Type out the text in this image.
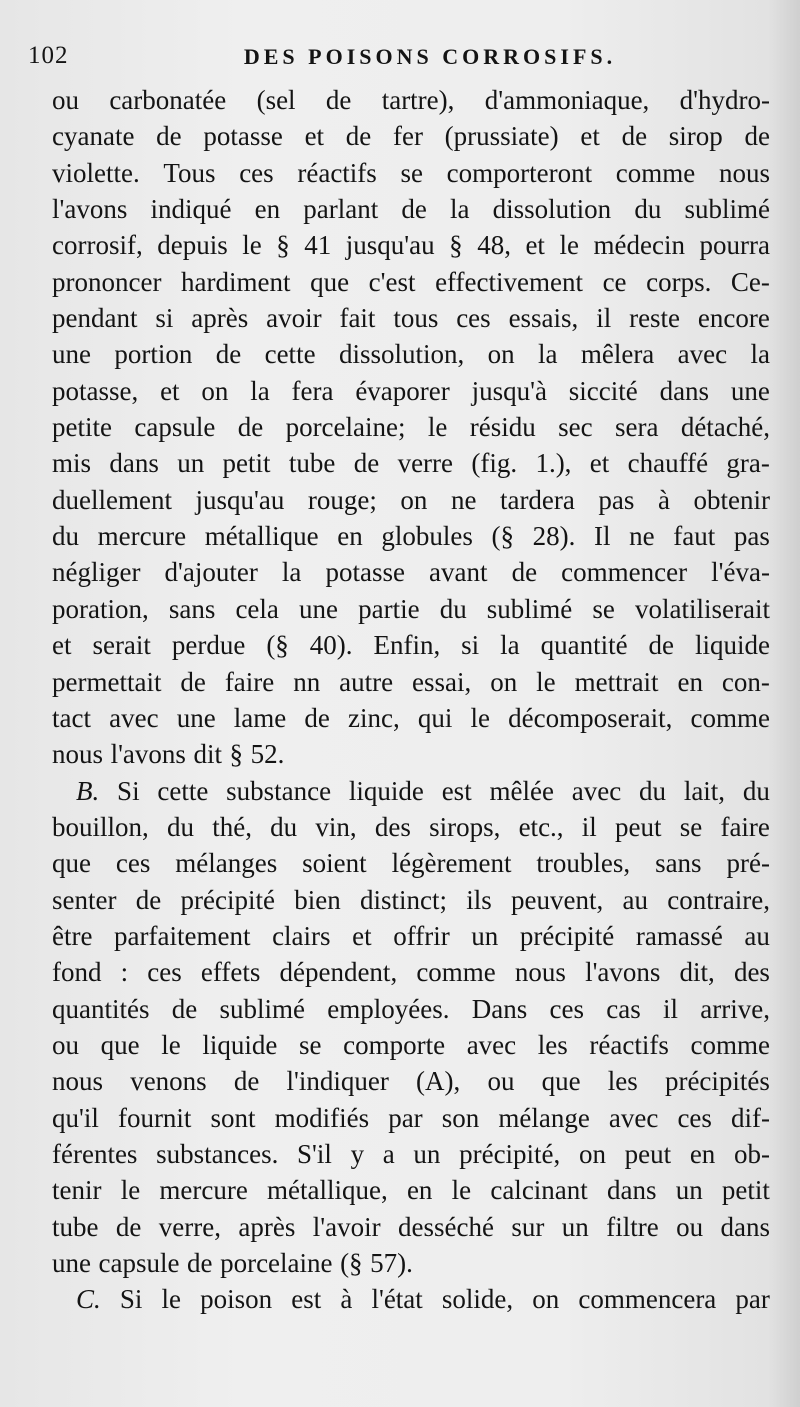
102	DES POISONS CORROSIFS.
ou carbonatée (sel de tartre), d'ammoniaque, d'hydro-
cyanate de potasse et de fer (prussiate) et de sirop de
violette. Tous ces réactifs se comporteront comme nous
l'avons indiqué en parlant de la dissolution du sublimé
corrosif, depuis le § 41 jusqu'au § 48, et le médecin pourra
prononcer hardiment que c'est effectivement ce corps. Ce-
pendant si après avoir fait tous ces essais, il reste encore
une portion de cette dissolution, on la mêlera avec la
potasse, et on la fera évaporer jusqu'à siccité dans une
petite capsule de porcelaine; le résidu sec sera détaché,
mis dans un petit tube de verre (fig. 1.), et chauffé gra-
duellement jusqu'au rouge; on ne tardera pas à obtenir
du mercure métallique en globules (§ 28). Il ne faut pas
négliger d'ajouter la potasse avant de commencer l'éva-
poration, sans cela une partie du sublimé se volatiliserait
et serait perdue (§ 40). Enfin, si la quantité de liquide
permettait de faire nn autre essai, on le mettrait en con-
tact avec une lame de zinc, qui le décomposerait, comme
nous l'avons dit § 52.
B. Si cette substance liquide est mêlée avec du lait, du
bouillon, du thé, du vin, des sirops, etc., il peut se faire
que ces mélanges soient légèrement troubles, sans pré-
senter de précipité bien distinct; ils peuvent, au contraire,
être parfaitement clairs et offrir un précipité ramassé au
fond : ces effets dépendent, comme nous l'avons dit, des
quantités de sublimé employées. Dans ces cas il arrive,
ou que le liquide se comporte avec les réactifs comme
nous venons de l'indiquer (A), ou que les précipités
qu'il fournit sont modifiés par son mélange avec ces dif-
férentes substances. S'il y a un précipité, on peut en ob-
tenir le mercure métallique, en le calcinant dans un petit
tube de verre, après l'avoir desséché sur un filtre ou dans
une capsule de porcelaine (§ 57).
C. Si le poison est à l'état solide, on commencera par
